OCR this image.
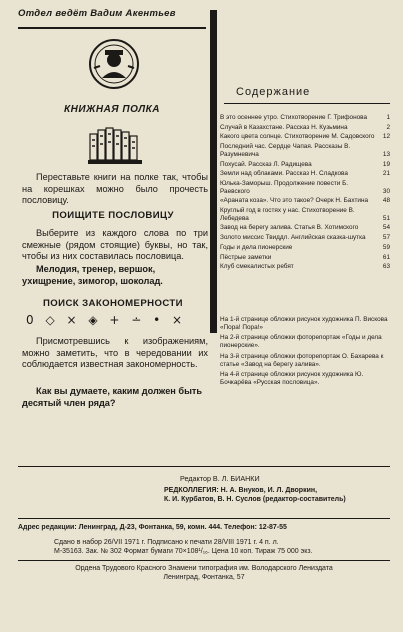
Отдел ведёт Вадим Акентьев
КНИЖНАЯ ПОЛКА
Переставьте книги на полке так, чтобы на корешках можно было прочесть пословицу.
ПОИЩИТЕ ПОСЛОВИЦУ
Выберите из каждого слова по три смежные (рядом стоящие) буквы, но так, чтобы из них составилась пословица.
Мелодия, тренер, вершок, ухищрение, зимогор, шоколад.
ПОИСК ЗАКОНОМЕРНОСТИ
0 ◇ × ◈ + ∸ • ×
Присмотревшись к изображениям, можно заметить, что в чередовании их соблюдается известная закономерность.
Как вы думаете, каким должен быть десятый член ряда?
Содержание
В это осеннее утро. Стихотворение Г. Трифонова	1
Случай в Казахстане. Рассказ Н. Кузьмина	2
Какого цвета солнце. Стихотворение М. Садовского 12
Последний час. Сердце Чапая. Рассказы В. Разумневича	13
Похусай. Рассказ Л. Радищева	19
Земли над облаками. Рассказ Н. Сладкова	21
Юлька-Заморыш. Продолжение повести Б. Раевского	30
«Араната коза». Что это такое? Очерк Н. Бахтина	48
Круглый год в гостях у нас. Стихотворение В. Лебедева	51
Завод на берегу залива. Статья В. Хотимского	54
Золото миссис Твиддл. Английская сказка-шутка	57
Годы и дела пионерские	59
Пёстрые заметки	61
Клуб смекалистых ребят	63
На 1-й странице обложки рисунок художника П. Вискова «Пора! Пора!»
На 2-й странице обложки фоторепортаж «Годы и дела пионерские».
На 3-й странице обложки фоторепортаж О. Бахарева к статье «Завод на берегу залива».
На 4-й странице обложки рисунок художника Ю. Бочкарёва «Русская пословица».
Редактор В. Л. БИАНКИ
РЕДКОЛЛЕГИЯ: Н. А. Внуков, И. Л. Дворкин,
К. И. Курбатов, В. Н. Суслов (редактор-составитель)
Адрес редакции: Ленинград, Д-23, Фонтанка, 59, комн. 444. Телефон: 12-87-55
Сдано в набор 26/VII 1971 г. Подписано к печати 28/VIII 1971 г. 4 п. л.
М-35163. Зак. № 302 Формат бумаги 70×108¹/₁₆. Цена 10 коп. Тираж 75 000 экз.
Ордена Трудового Красного Знамени типография им. Володарского Лениздата
Ленинград, Фонтанка, 57
